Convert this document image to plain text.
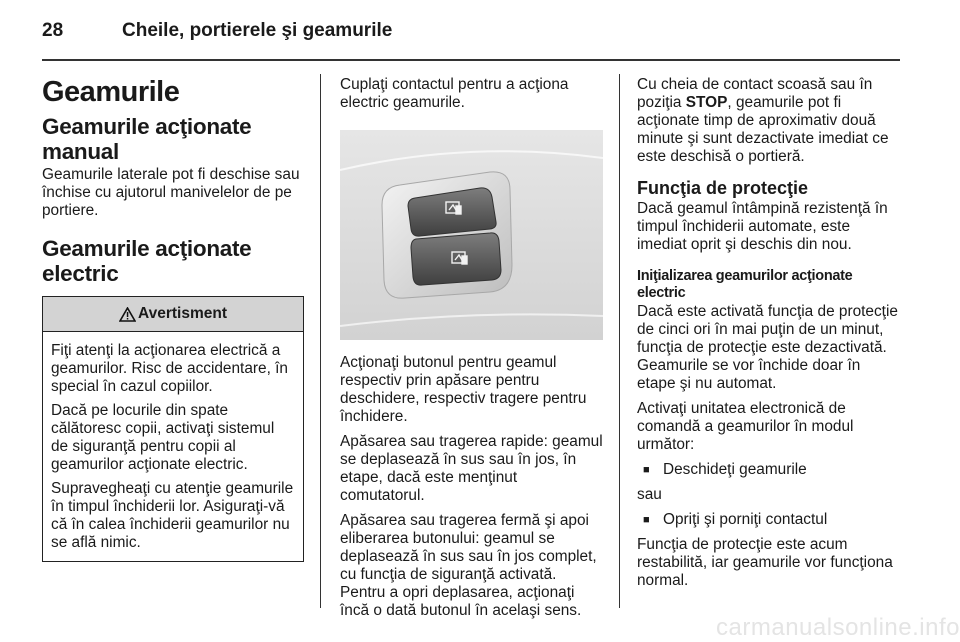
28	Cheile, portierele şi geamurile
Geamurile
Geamurile acţionate manual

Geamurile laterale pot fi deschise sau închise cu ajutorul manivelelor de pe portiere.

Geamurile acţionate electric
Avertisment

Fiţi atenţi la acţionarea electrică a geamurilor. Risc de accidentare, în special în cazul copiilor.

Dacă pe locurile din spate călătoresc copii, activaţi sistemul de siguranţă pentru copii al geamurilor acţionate electric.

Supravegheaţi cu atenţie geamurile în timpul închiderii lor. Asiguraţi-vă că în calea închiderii geamurilor nu se află nimic.

Cuplaţi contactul pentru a acţiona electric geamurile.

Acţionaţi butonul pentru geamul respectiv prin apăsare pentru deschidere, respectiv tragere pentru închidere.

Apăsarea sau tragerea rapide: geamul se deplasează în sus sau în jos, în etape, dacă este menţinut comutatorul.

Apăsarea sau tragerea fermă şi apoi eliberarea butonului: geamul se deplasează în sus sau în jos complet, cu funcţia de siguranţă activată. Pentru a opri deplasarea, acţionaţi încă o dată butonul în acelaşi sens.

Cu cheia de contact scoasă sau în poziţia STOP, geamurile pot fi acţionate timp de aproximativ două minute şi sunt dezactivate imediat ce este deschisă o portieră.

Funcţia de protecţie

Dacă geamul întâmpină rezistenţă în timpul închiderii automate, este imediat oprit şi deschis din nou.

Iniţializarea geamurilor acţionate electric

Dacă este activată funcţia de protecţie de cinci ori în mai puţin de un minut, funcţia de protecţie este dezactivată. Geamurile se vor închide doar în etape şi nu automat.

Activaţi unitatea electronică de comandă a geamurilor în modul următor:

■ Deschideţi geamurile

sau

■ Opriţi şi porniţi contactul

Funcţia de protecţie este acum restabilită, iar geamurile vor funcţiona normal.

carmanualsonline.info
